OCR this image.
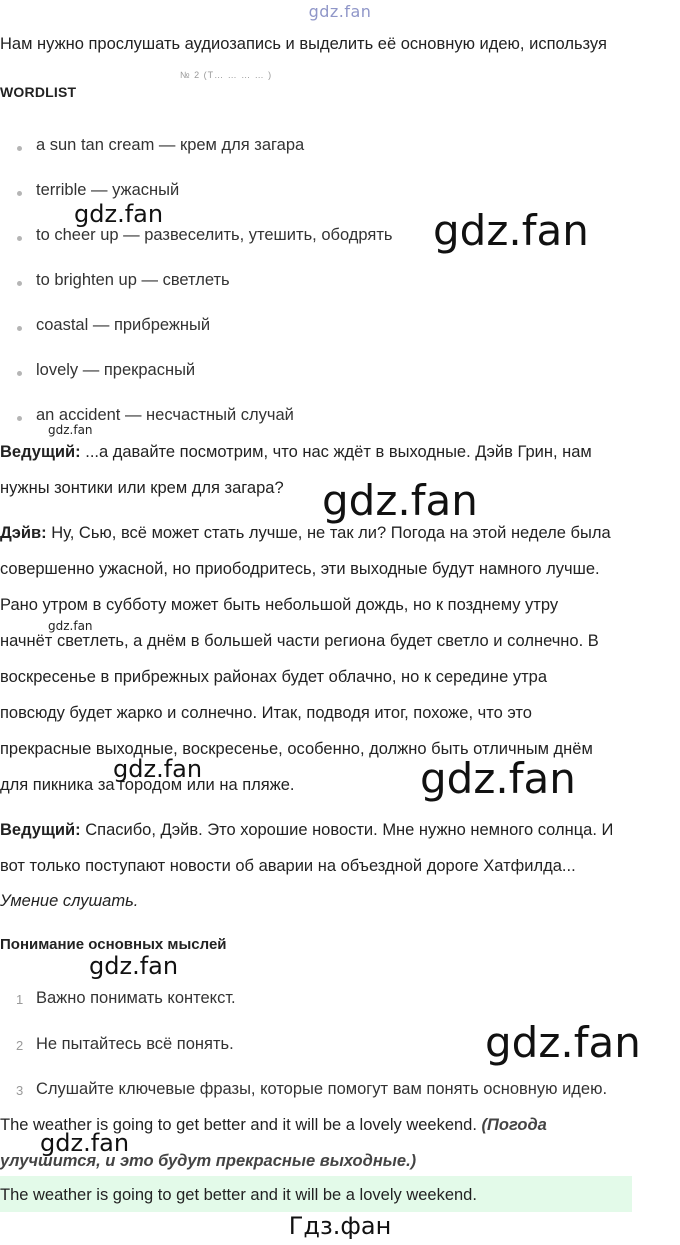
gdz.fan
Нам нужно прослушать аудиозапись и выделить её основную идею, используя
№ 2 (Т… … … … )
WORDLIST
a sun tan cream — крем для загара
terrible — ужасный
to cheer up — развеселить, утешить, ободрять
to brighten up — светлеть
coastal — прибрежный
lovely — прекрасный
an accident — несчастный случай
Ведущий: ...а давайте посмотрим, что нас ждёт в выходные. Дэйв Грин, нам
нужны зонтики или крем для загара?
Дэйв: Ну, Сью, всё может стать лучше, не так ли? Погода на этой неделе была
совершенно ужасной, но приободритесь, эти выходные будут намного лучше.
Рано утром в субботу может быть небольшой дождь, но к позднему утру
начнёт светлеть, а днём в большей части региона будет светло и солнечно. В
воскресенье в прибрежных районах будет облачно, но к середине утра
повсюду будет жарко и солнечно. Итак, подводя итог, похоже, что это
прекрасные выходные, воскресенье, особенно, должно быть отличным днём
для пикника за городом или на пляже.
Ведущий: Спасибо, Дэйв. Это хорошие новости. Мне нужно немного солнца. И
вот только поступают новости об аварии на объездной дороге Хатфилда...
Умение слушать.
Понимание основных мыслей
1 Важно понимать контекст.
2 Не пытайтесь всё понять.
3 Слушайте ключевые фразы, которые помогут вам понять основную идею.
The weather is going to get better and it will be a lovely weekend. (Погода
улучшится, и это будут прекрасные выходные.)
The weather is going to get better and it will be a lovely weekend.
gdz.fan	gdz.fan
gdz.fan
gdz.fan
gdz.fan
gdz.fan	gdz.fan
gdz.fan
gdz.fan
gdz.fan
Гдз.фан
